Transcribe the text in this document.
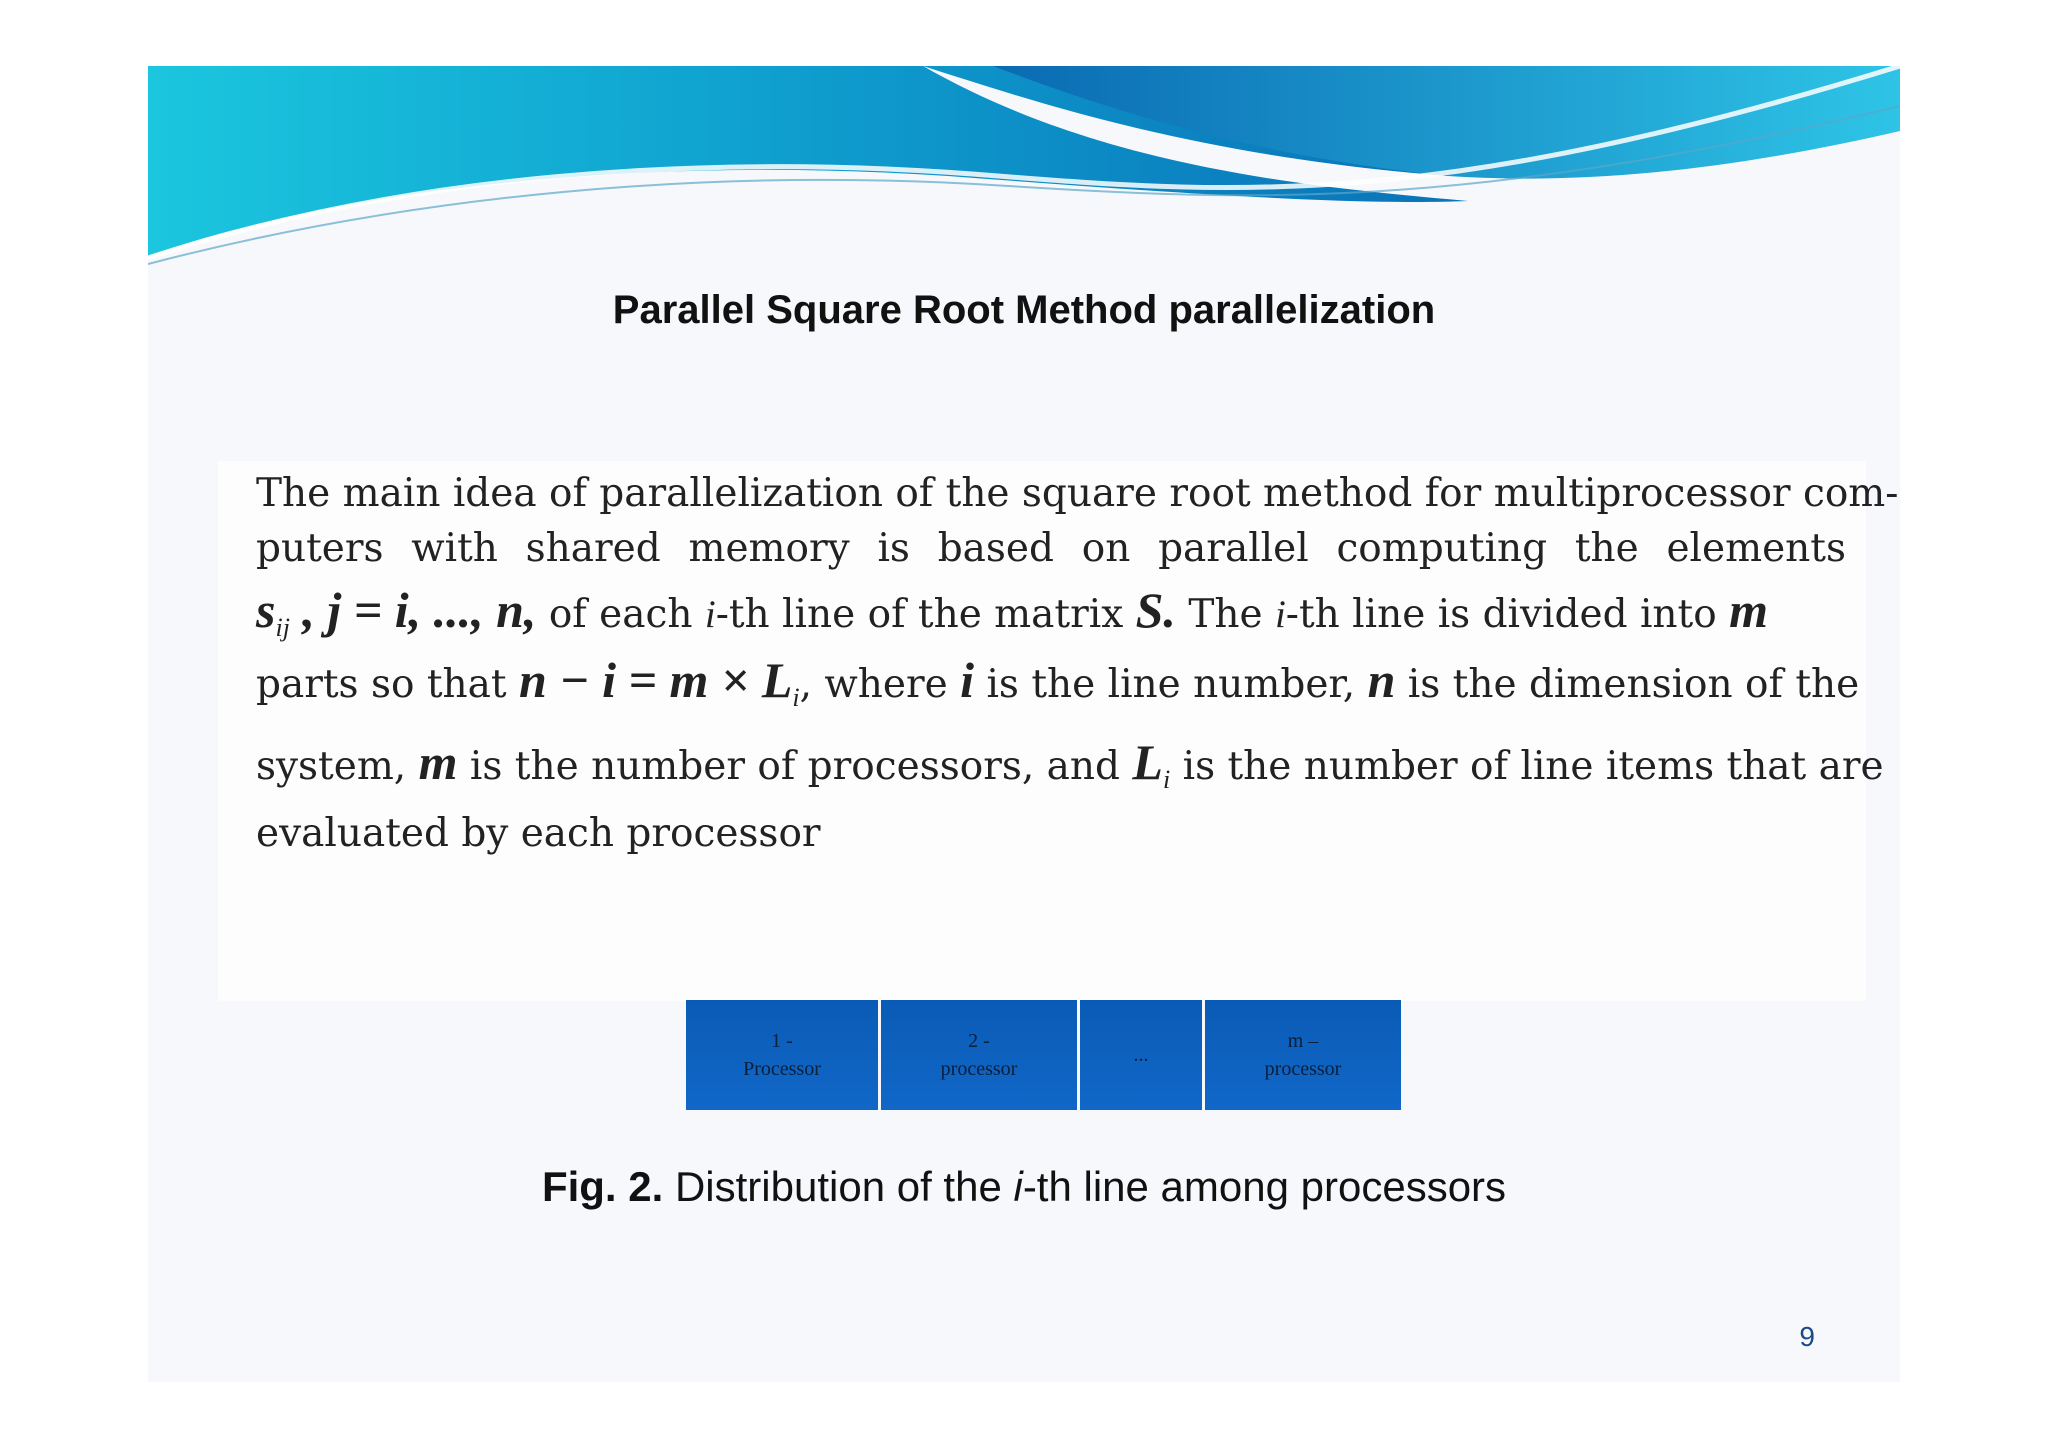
Parallel Square Root Method parallelization
The main idea of parallelization of the square root method for multiprocessor com-
puters with shared memory is based on parallel computing the elements
$s_{ij}$ , j = i, ..., n, of each i-th line of the matrix S. The i-th line is divided into m
parts so that $n - i = m \times L_i$, where i is the line number, n is the dimension of the
system, m is the number of processors, and $L_i$ is the number of line items that are
evaluated by each processor
1 -
Processor
2 -
processor
...
m –
processor
Fig. 2. Distribution of the i-th line among processors
9
